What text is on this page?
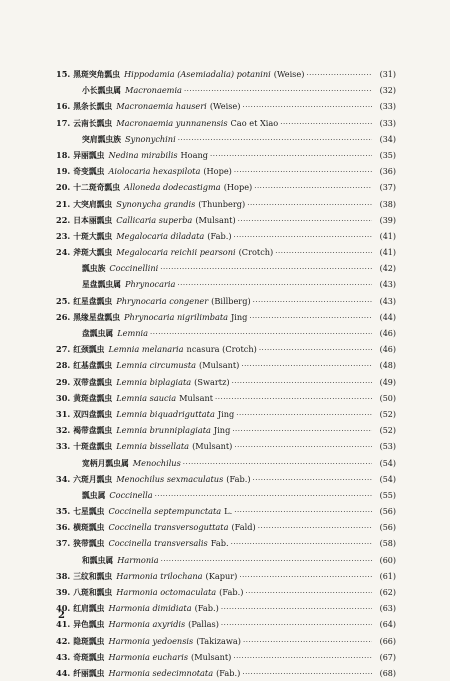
15. 黑斑突角瓢虫 Hippodamia (Asemiadalia) potanini (Weise) ·····	(31)
小长瓢虫属 Macronaemia ·····	(32)
16. 黑条长瓢虫 Macronaemia hauseri (Weise) ·····	(33)
17. 云南长瓢虫 Macronaemia yunnanensis Cao et Xiao ·····	(33)
突肩瓢虫族 Synonychini ·····	(34)
18. 异丽瓢虫 Nedina mirabilis Hoang ·····	(35)
19. 奇变瓢虫 Aiolocaria hexaspilota (Hope) ·····	(36)
20. 十二斑奇瓢虫 Alloneda dodecastigma (Hope) ·····	(37)
21. 大突肩瓢虫 Synonycha grandis (Thunberg) ·····	(38)
22. 日本丽瓢虫 Callicaria superba (Mulsant) ·····	(39)
23. 十斑大瓢虫 Megalocaria diladata (Fab.) ·····	(41)
24. 斧斑大瓢虫 Megalocaria reichii pearsoni (Crotch) ·····	(41)
瓢虫族 Coccinellini ·····	(42)
星盘瓢虫属 Phrynocaria ·····	(43)
25. 红星盘瓢虫 Phrynocaria congener (Billberg) ·····	(43)
26. 黑缘星盘瓢虫 Phrynocaria nigrilimbata Jing ·····	(44)
盘瓢虫属 Lemnia ·····	(46)
27. 红颈瓢虫 Lemnia melanaria ncasura (Crotch) ·····	(46)
28. 红基盘瓢虫 Lemnia circumusta (Mulsant) ·····	(48)
29. 双带盘瓢虫 Lemnia biplagiata (Swartz) ·····	(49)
30. 黄斑盘瓢虫 Lemnia saucia Mulsant ·····	(50)
31. 双四盘瓢虫 Lemnia biquadriguttata Jing ·····	(52)
32. 褐带盘瓢虫 Lemnia brunniplagiata Jing ·····	(52)
33. 十斑盘瓢虫 Lemnia bissellata (Mulsant) ·····	(53)
宽柄月瓢虫属 Menochilus ·····	(54)
34. 六斑月瓢虫 Menochilus sexmaculatus (Fab.) ·····	(54)
瓢虫属 Coccinella ·····	(55)
35. 七星瓢虫 Coccinella septempunctata L. ·····	(56)
36. 横斑瓢虫 Coccinella transversoguttata (Fald) ·····	(56)
37. 狭带瓢虫 Coccinella transversalis Fab. ·····	(58)
和瓢虫属 Harmonia ·····	(60)
38. 三纹和瓢虫 Harmonia trilochana (Kapur) ·····	(61)
39. 八斑和瓢虫 Harmonia octomaculata (Fab.) ·····	(62)
40. 红肩瓢虫 Harmonia dimidiata (Fab.) ·····	(63)
41. 异色瓢虫 Harmonia axyridis (Pallas) ·····	(64)
42. 隐斑瓢虫 Harmonia yedoensis (Takizawa) ·····	(66)
43. 奇斑瓢虫 Harmonia eucharis (Mulsant) ·····	(67)
44. 纤丽瓢虫 Harmonia sedecimnotata (Fab.) ·····	(68)
2
